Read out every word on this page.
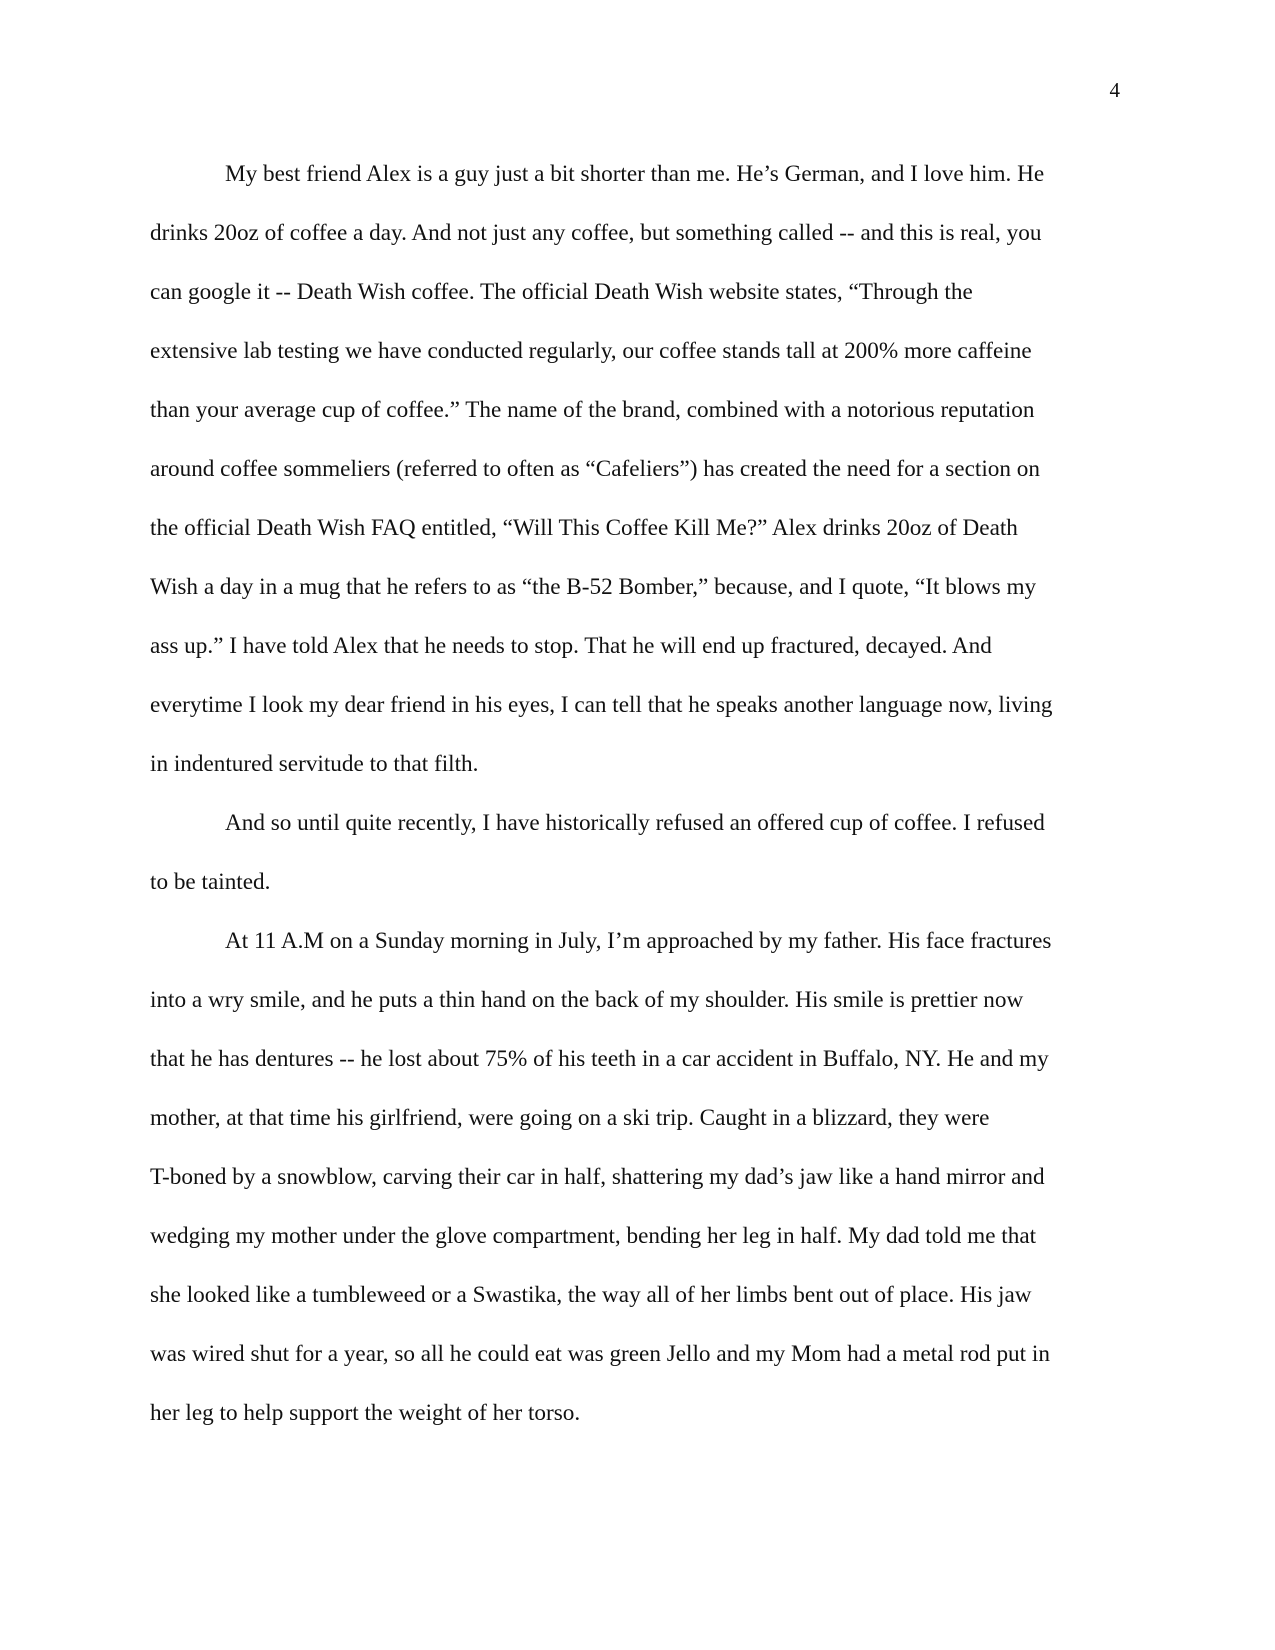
4
My best friend Alex is a guy just a bit shorter than me. He’s German, and I love him. He
drinks 20oz of coffee a day. And not just any coffee, but something called -- and this is real, you
can google it -- Death Wish coffee. The official Death Wish website states, “Through the
extensive lab testing we have conducted regularly, our coffee stands tall at 200% more caffeine
than your average cup of coffee.” The name of the brand, combined with a notorious reputation
around coffee sommeliers (referred to often as “Cafeliers”) has created the need for a section on
the official Death Wish FAQ entitled, “Will This Coffee Kill Me?” Alex drinks 20oz of Death
Wish a day in a mug that he refers to as “the B-52 Bomber,” because, and I quote, “It blows my
ass up.” I have told Alex that he needs to stop. That he will end up fractured, decayed. And
everytime I look my dear friend in his eyes, I can tell that he speaks another language now, living
in indentured servitude to that filth.
And so until quite recently, I have historically refused an offered cup of coffee. I refused
to be tainted.
At 11 A.M on a Sunday morning in July, I’m approached by my father. His face fractures
into a wry smile, and he puts a thin hand on the back of my shoulder. His smile is prettier now
that he has dentures -- he lost about 75% of his teeth in a car accident in Buffalo, NY. He and my
mother, at that time his girlfriend, were going on a ski trip. Caught in a blizzard, they were
T-boned by a snowblow, carving their car in half, shattering my dad’s jaw like a hand mirror and
wedging my mother under the glove compartment, bending her leg in half. My dad told me that
she looked like a tumbleweed or a Swastika, the way all of her limbs bent out of place. His jaw
was wired shut for a year, so all he could eat was green Jello and my Mom had a metal rod put in
her leg to help support the weight of her torso.
